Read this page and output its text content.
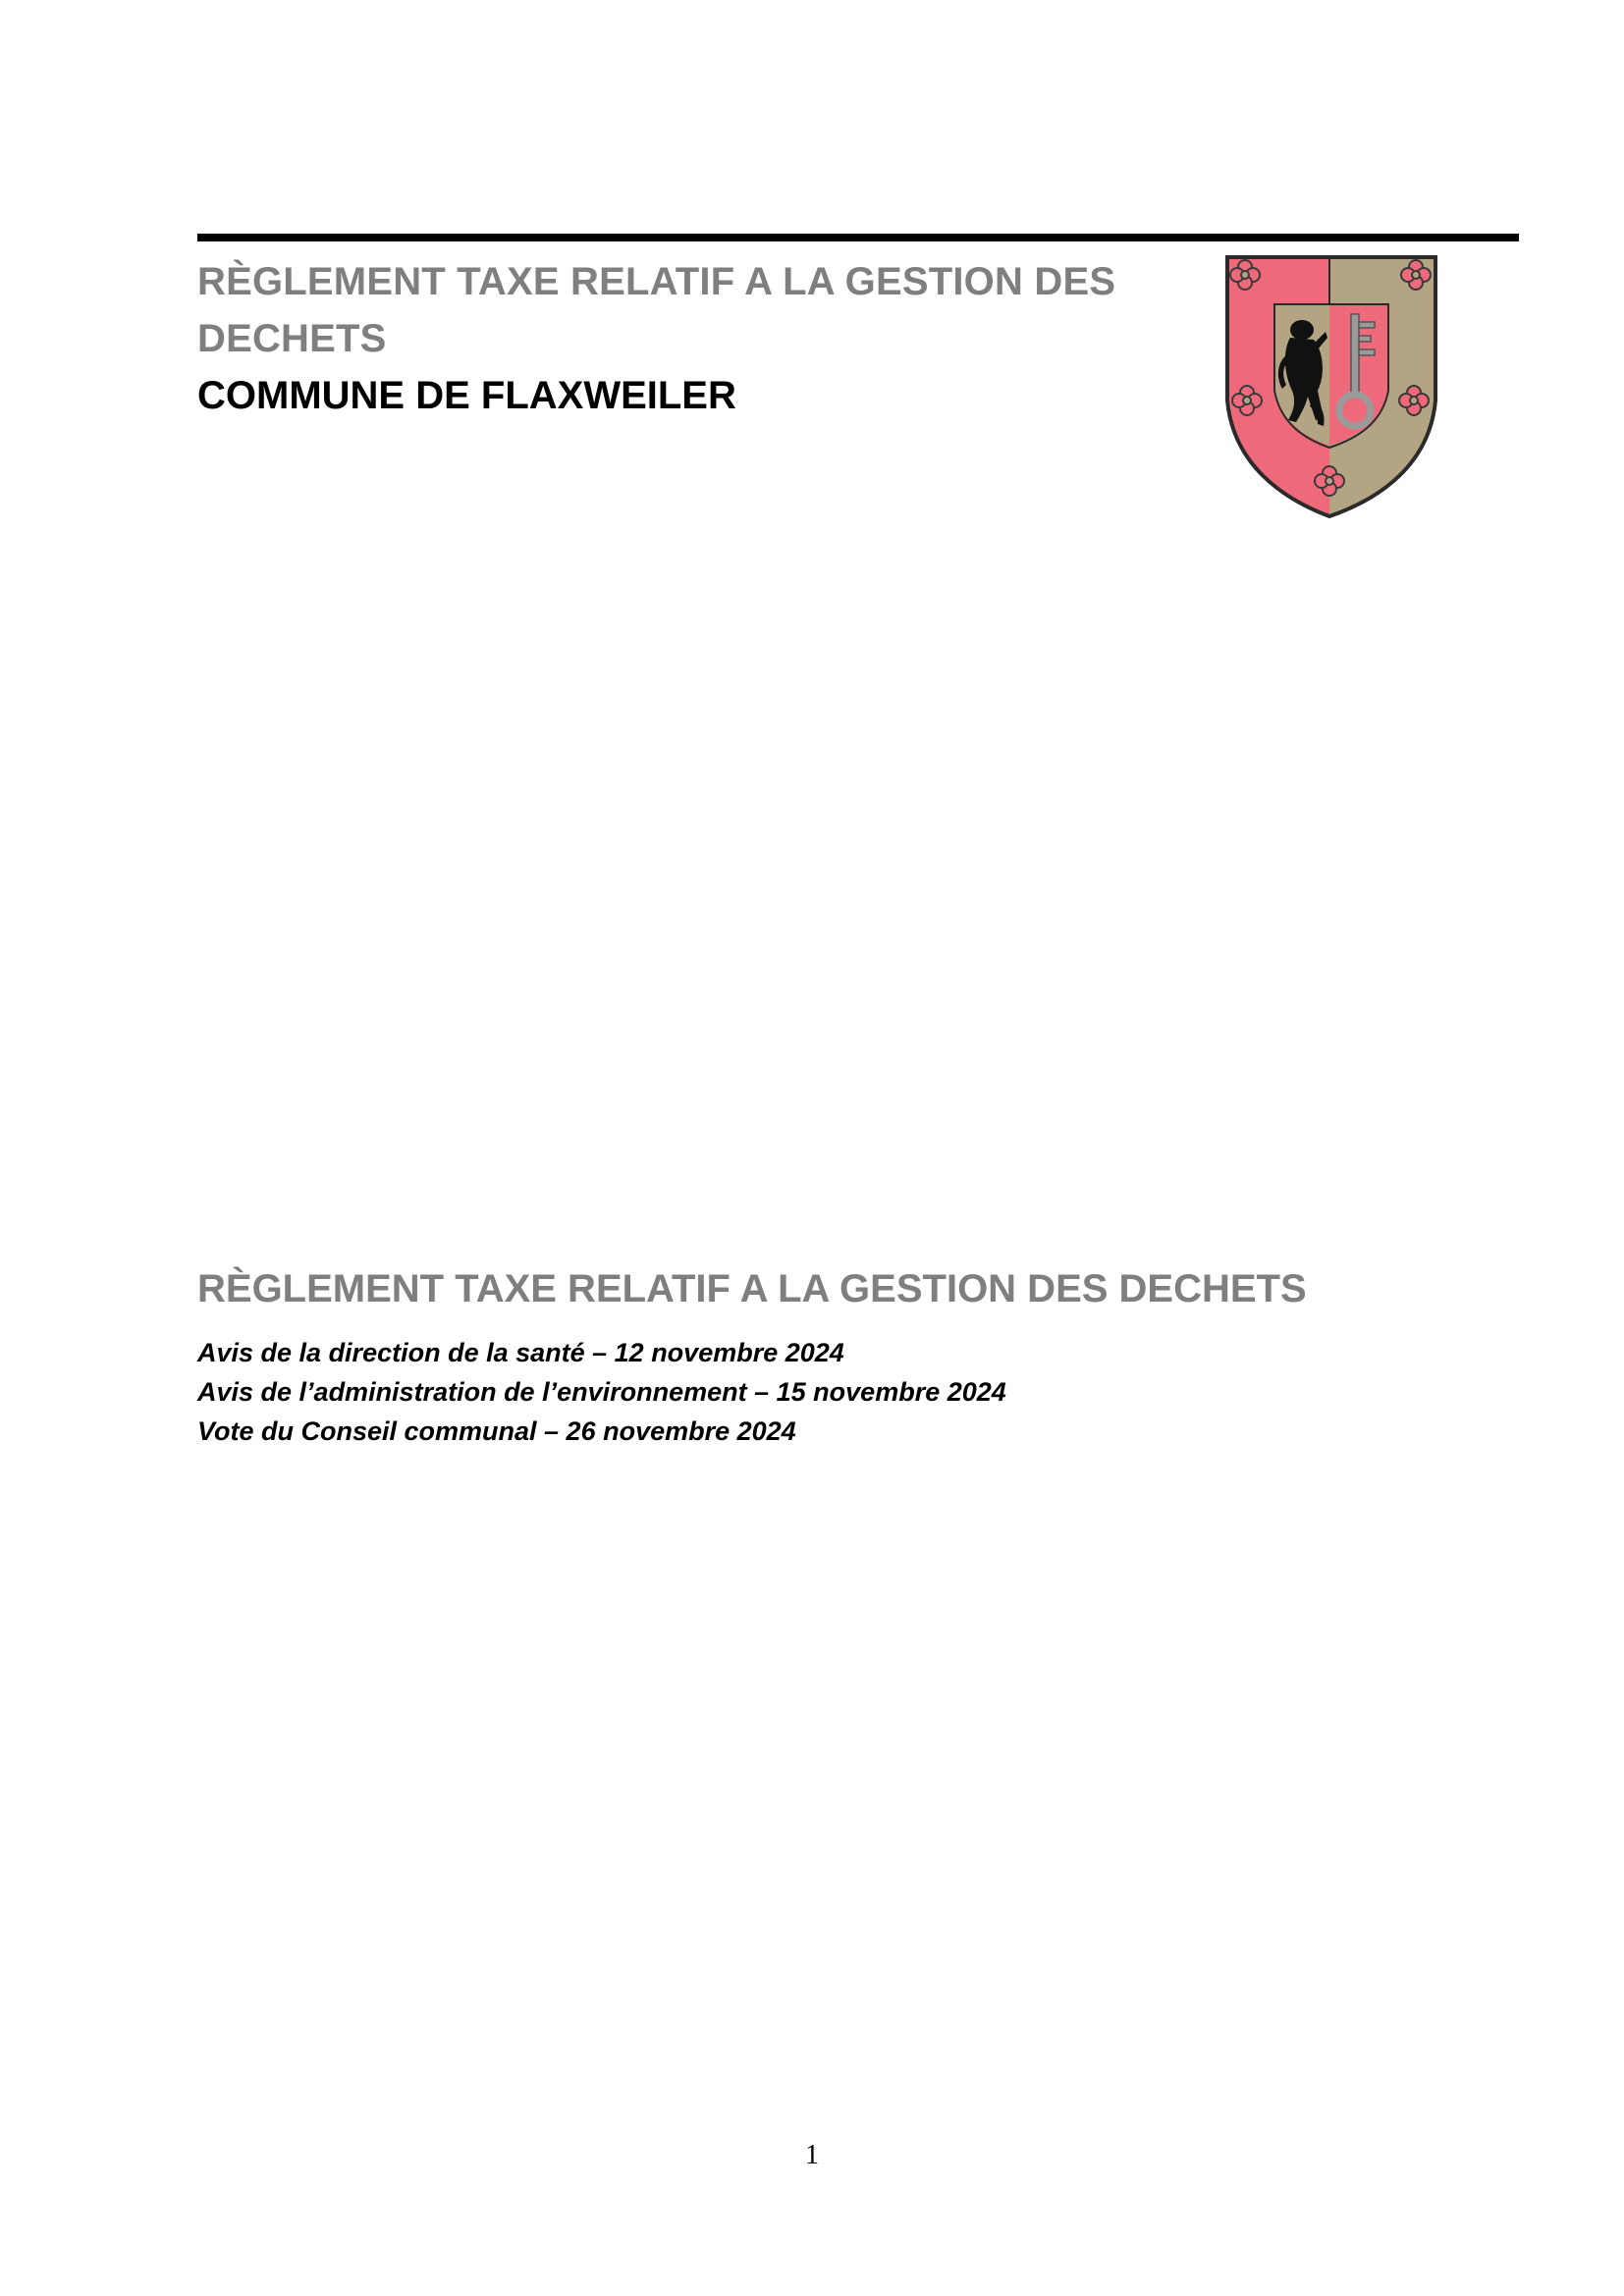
RÈGLEMENT TAXE RELATIF A LA GESTION DES DECHETS
COMMUNE DE FLAXWEILER
RÈGLEMENT TAXE RELATIF A LA GESTION DES DECHETS
Avis de la direction de la santé – 12 novembre 2024
Avis de l’administration de l’environnement – 15 novembre 2024
Vote du Conseil communal – 26 novembre 2024
1
